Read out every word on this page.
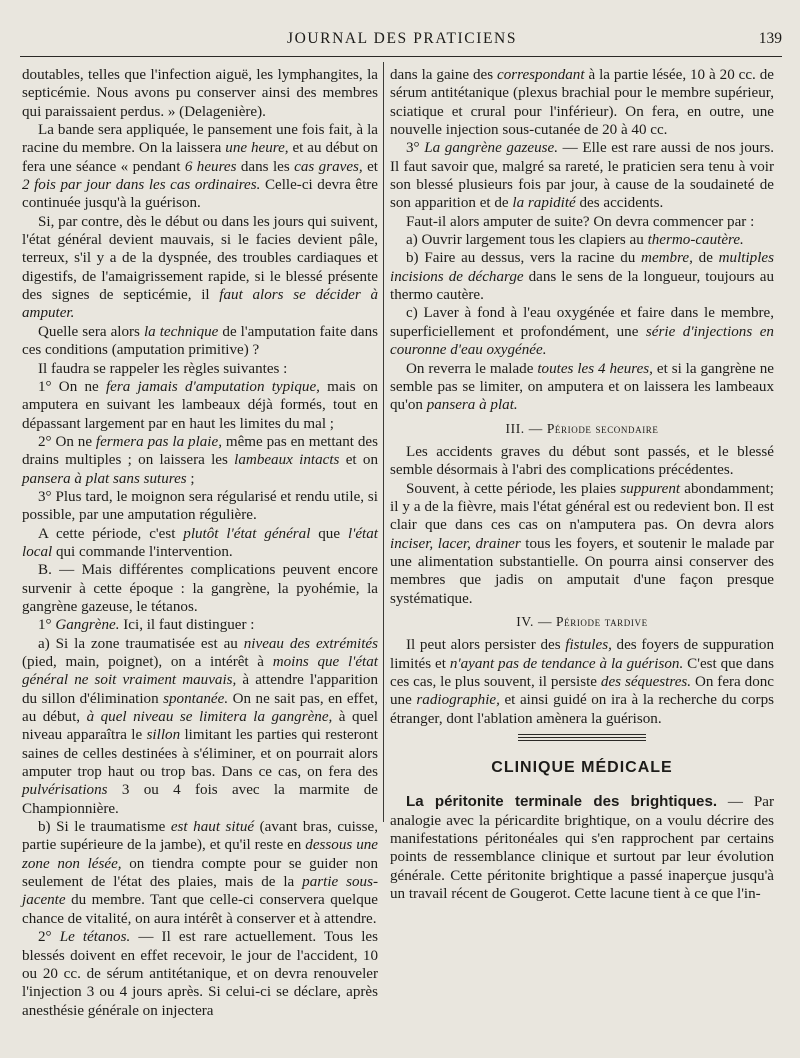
JOURNAL DES PRATICIENS	139

doutables, telles que l'infection aiguë, les lymphangites, la septicémie. Nous avons pu conserver ainsi des membres qui paraissaient perdus. » (Delagenière).

La bande sera appliquée, le pansement une fois fait, à la racine du membre. On la laissera une heure, et au début on fera une séance « pendant 6 heures dans les cas graves, et 2 fois par jour dans les cas ordinaires. Celle-ci devra être continuée jusqu'à la guérison.

Si, par contre, dès le début ou dans les jours qui suivent, l'état général devient mauvais, si le facies devient pâle, terreux, s'il y a de la dyspnée, des troubles cardiaques et digestifs, de l'amaigrissement rapide, si le blessé présente des signes de septicémie, il faut alors se décider à amputer.

Quelle sera alors la technique de l'amputation faite dans ces conditions (amputation primitive) ?

Il faudra se rappeler les règles suivantes :

1° On ne fera jamais d'amputation typique, mais on amputera en suivant les lambeaux déjà formés, tout en dépassant largement par en haut les limites du mal ;

2° On ne fermera pas la plaie, même pas en mettant des drains multiples ; on laissera les lambeaux intacts et on pansera à plat sans sutures ;

3° Plus tard, le moignon sera régularisé et rendu utile, si possible, par une amputation régulière.

A cette période, c'est plutôt l'état général que l'état local qui commande l'intervention.

B. — Mais différentes complications peuvent encore survenir à cette époque : la gangrène, la pyohémie, la gangrène gazeuse, le tétanos.

1° Gangrène. Ici, il faut distinguer :

a) Si la zone traumatisée est au niveau des extrémités (pied, main, poignet), on a intérêt à moins que l'état général ne soit vraiment mauvais, à attendre l'apparition du sillon d'élimination spontanée. On ne sait pas, en effet, au début, à quel niveau se limitera la gangrène, à quel niveau apparaîtra le sillon limitant les parties qui resteront saines de celles destinées à s'éliminer, et on pourrait alors amputer trop haut ou trop bas. Dans ce cas, on fera des pulvérisations 3 ou 4 fois avec la marmite de Championnière.

b) Si le traumatisme est haut situé (avant bras, cuisse, partie supérieure de la jambe), et qu'il reste en dessous une zone non lésée, on tiendra compte pour se guider non seulement de l'état des plaies, mais de la partie sous-jacente du membre. Tant que celle-ci conservera quelque chance de vitalité, on aura intérêt à conserver et à attendre.

2° Le tétanos. — Il est rare actuellement. Tous les blessés doivent en effet recevoir, le jour de l'accident, 10 ou 20 cc. de sérum antitétanique, et on devra renouveler l'injection 3 ou 4 jours après. Si celui-ci se déclare, après anesthésie générale on injectera

dans la gaine des correspondant à la partie lésée, 10 à 20 cc. de sérum antitétanique (plexus brachial pour le membre supérieur, sciatique et crural pour l'inférieur). On fera, en outre, une nouvelle injection sous-cutanée de 20 à 40 cc.

3° La gangrène gazeuse. — Elle est rare aussi de nos jours. Il faut savoir que, malgré sa rareté, le praticien sera tenu à voir son blessé plusieurs fois par jour, à cause de la soudaineté de son apparition et de la rapidité des accidents.

Faut-il alors amputer de suite? On devra commencer par :

a) Ouvrir largement tous les clapiers au thermo-cautère.

b) Faire au dessus, vers la racine du membre, de multiples incisions de décharge dans le sens de la longueur, toujours au thermo cautère.

c) Laver à fond à l'eau oxygénée et faire dans le membre, superficiellement et profondément, une série d'injections en couronne d'eau oxygénée.

On reverra le malade toutes les 4 heures, et si la gangrène ne semble pas se limiter, on amputera et on laissera les lambeaux qu'on pansera à plat.

III. — Période secondaire

Les accidents graves du début sont passés, et le blessé semble désormais à l'abri des complications précédentes.

Souvent, à cette période, les plaies suppurent abondamment; il y a de la fièvre, mais l'état général est ou redevient bon. Il est clair que dans ces cas on n'amputera pas. On devra alors inciser, lacer, drainer tous les foyers, et soutenir le malade par une alimentation substantielle. On pourra ainsi conserver des membres que jadis on amputait d'une façon presque systématique.

IV. — Période tardive

Il peut alors persister des fistules, des foyers de suppuration limités et n'ayant pas de tendance à la guérison. C'est que dans ces cas, le plus souvent, il persiste des séquestres. On fera donc une radiographie, et ainsi guidé on ira à la recherche du corps étranger, dont l'ablation amènera la guérison.

CLINIQUE MÉDICALE

La péritonite terminale des brightiques. — Par analogie avec la péricardite brightique, on a voulu décrire des manifestations péritonéales qui s'en rapprochent par certains points de ressemblance clinique et surtout par leur évolution générale. Cette péritonite brightique a passé inaperçue jusqu'à un travail récent de Gougerot. Cette lacune tient à ce que l'in-
